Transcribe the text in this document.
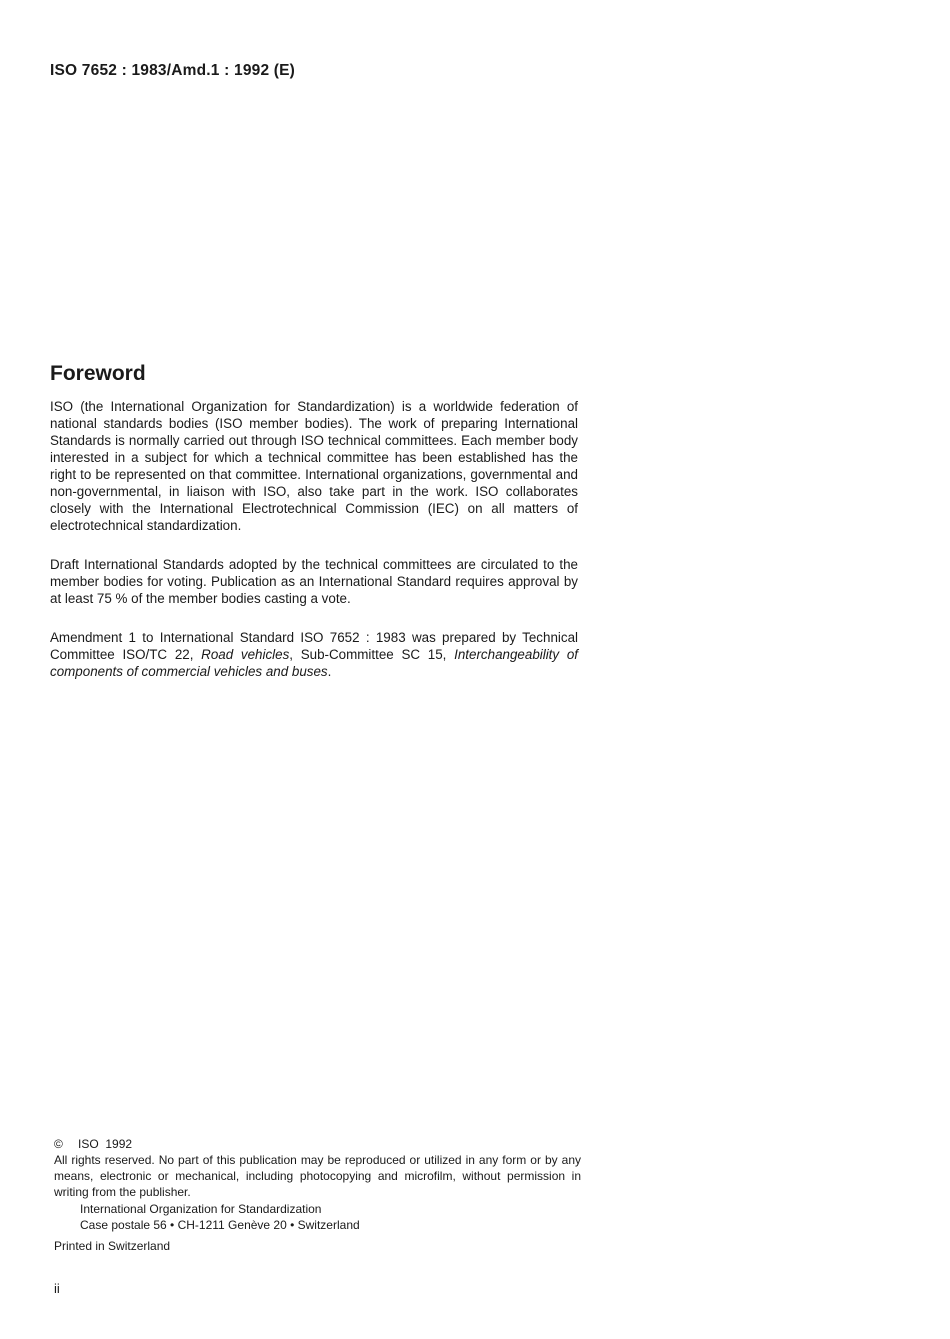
ISO 7652 : 1983/Amd.1 : 1992 (E)
Foreword

ISO (the International Organization for Standardization) is a worldwide federation of national standards bodies (ISO member bodies). The work of preparing International Standards is normally carried out through ISO technical committees. Each member body interested in a subject for which a technical committee has been established has the right to be represented on that committee. International organizations, governmental and non-governmental, in liaison with ISO, also take part in the work. ISO collaborates closely with the International Electrotechnical Commission (IEC) on all matters of electrotechnical standardization.

Draft International Standards adopted by the technical committees are circulated to the member bodies for voting. Publication as an International Standard requires approval by at least 75 % of the member bodies casting a vote.

Amendment 1 to International Standard ISO 7652 : 1983 was prepared by Technical Committee ISO/TC 22, Road vehicles, Sub-Committee SC 15, Interchangeability of components of commercial vehicles and buses.

© ISO  1992

All rights reserved. No part of this publication may be reproduced or utilized in any form or by any means, electronic or mechanical, including photocopying and microfilm, without permission in writing from the publisher.

International Organization for Standardization

Case postale 56 • CH-1211 Genève 20 • Switzerland

Printed in Switzerland
ii
